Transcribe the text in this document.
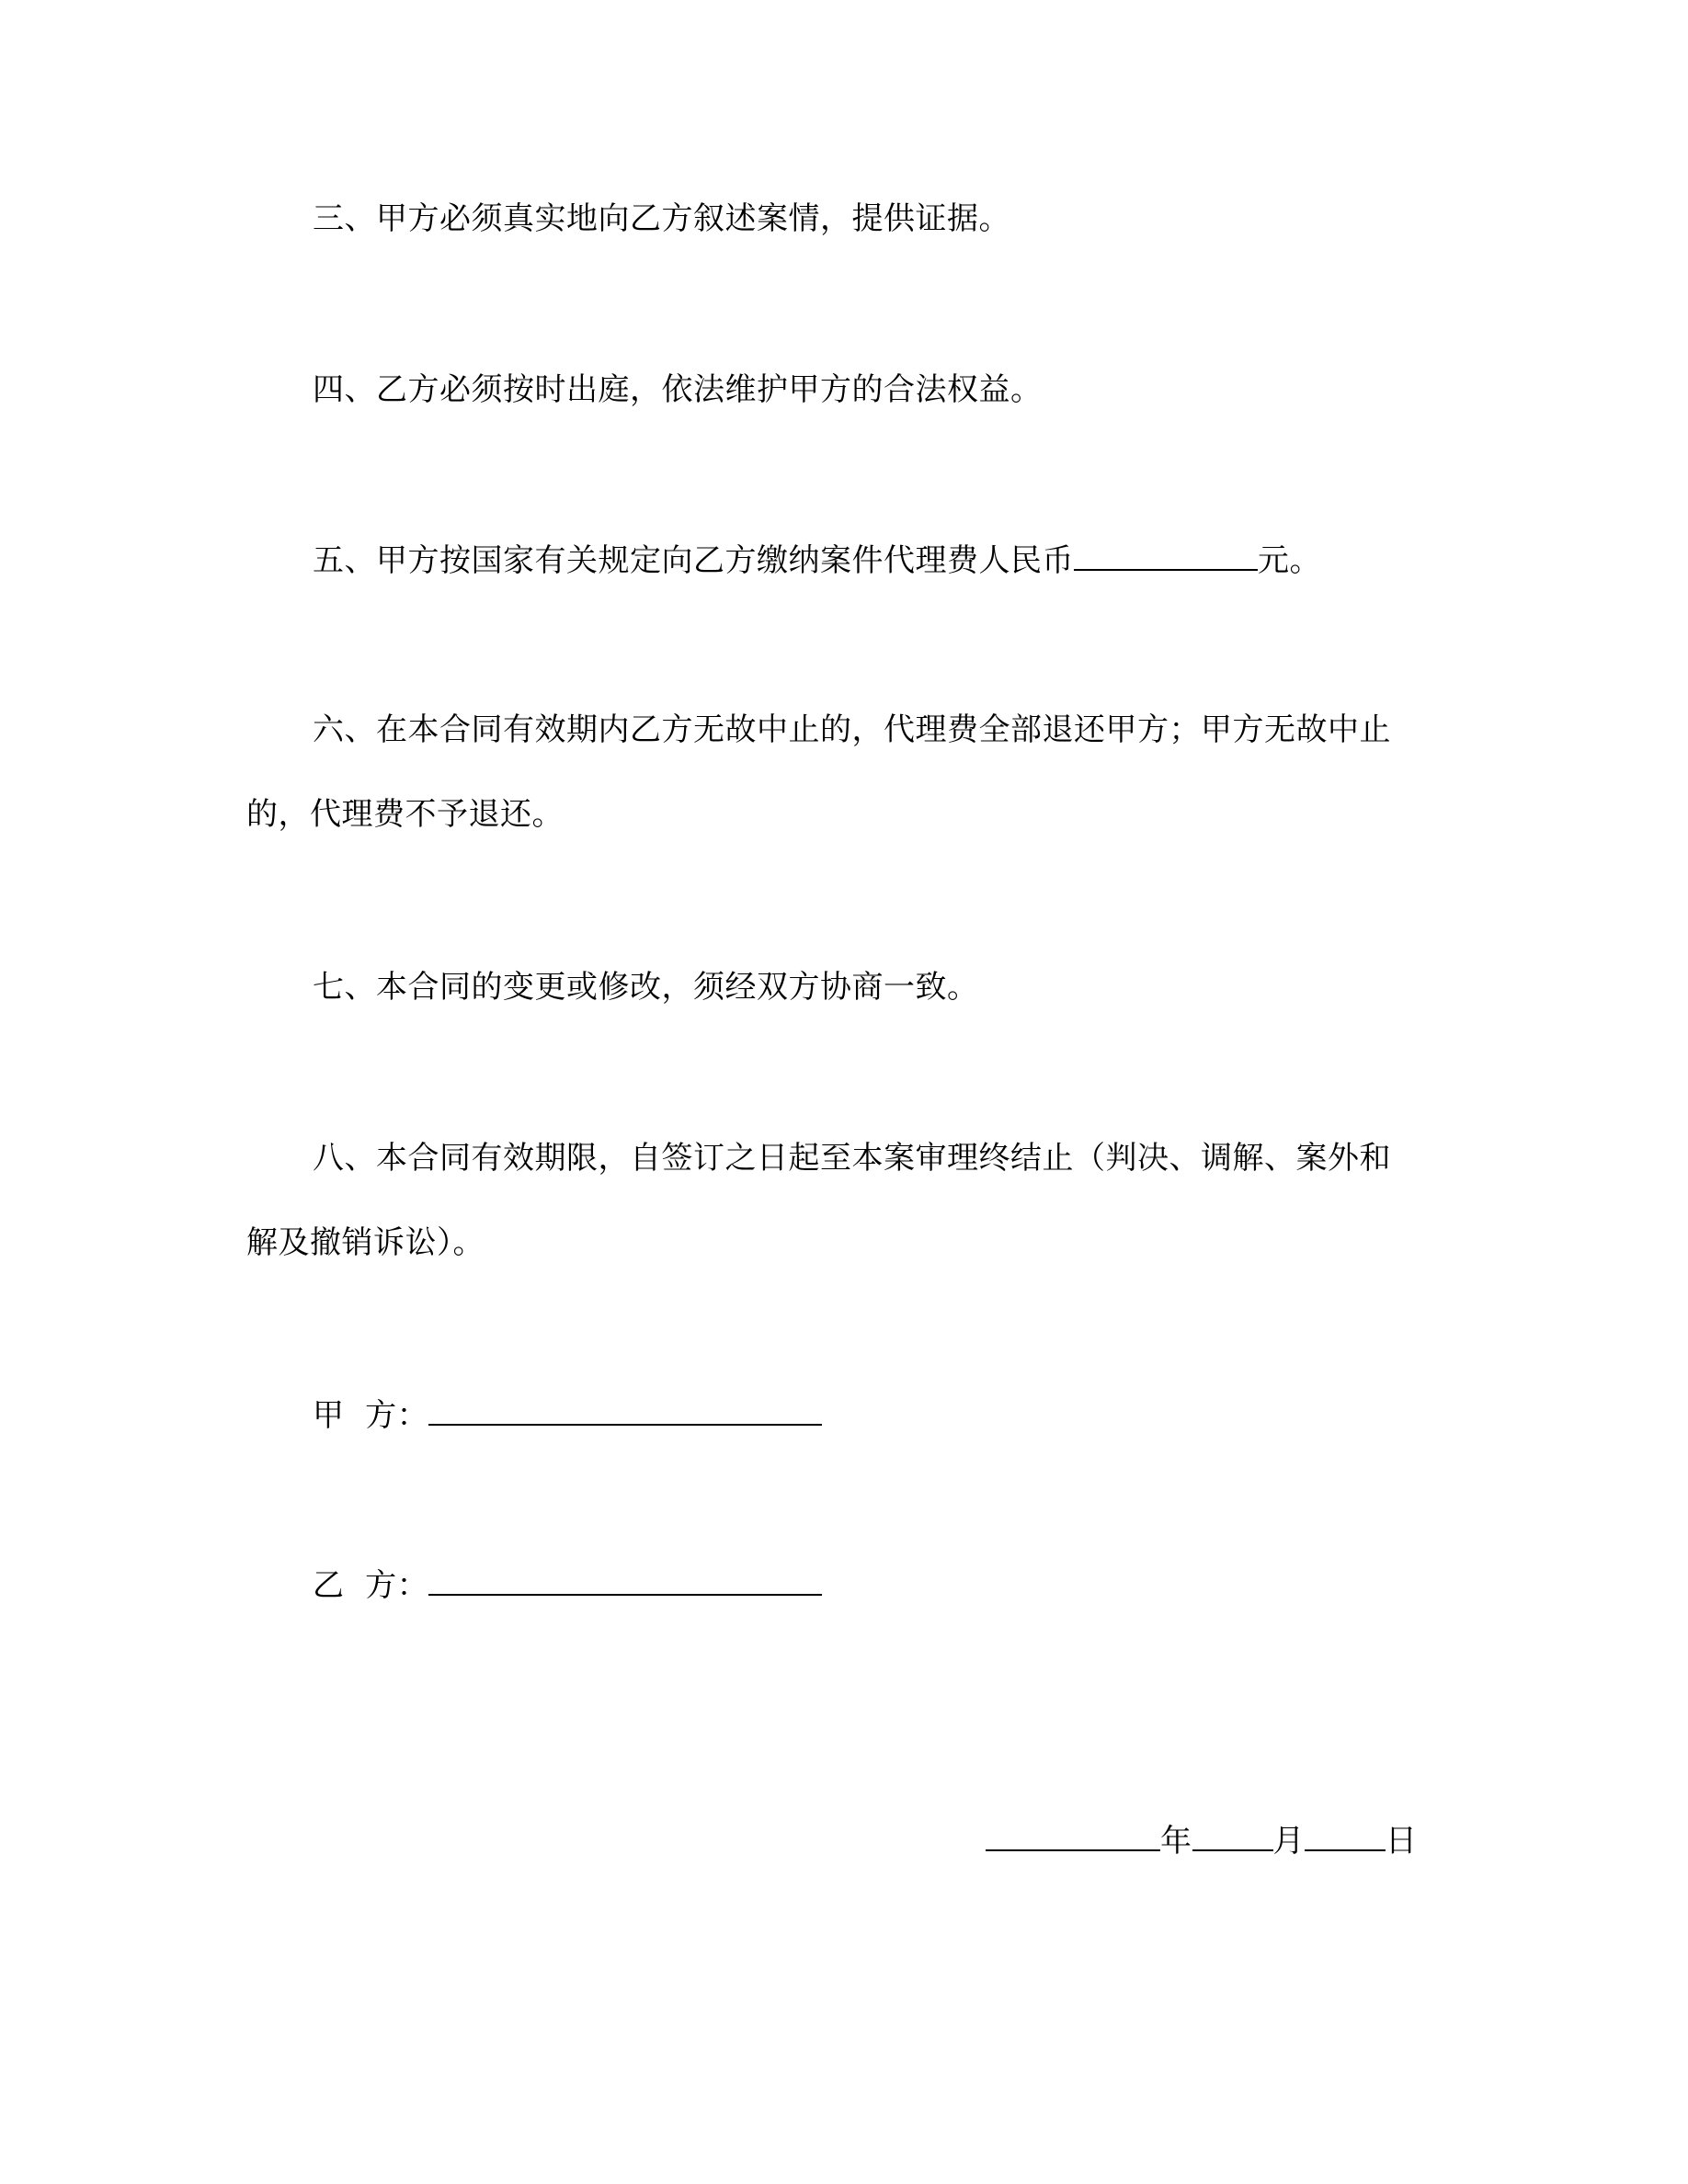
三、甲方必须真实地向乙方叙述案情，提供证据。
四、乙方必须按时出庭，依法维护甲方的合法权益。
五、甲方按国家有关规定向乙方缴纳案件代理费人民币	元。
六、在本合同有效期内乙方无故中止的，代理费全部退还甲方；甲方无故中止
的，代理费不予退还。
七、本合同的变更或修改，须经双方协商一致。
八、本合同有效期限，自签订之日起至本案审理终结止（判决、调解、案外和
解及撤销诉讼）。
甲  方：
乙  方：
年	月	日
